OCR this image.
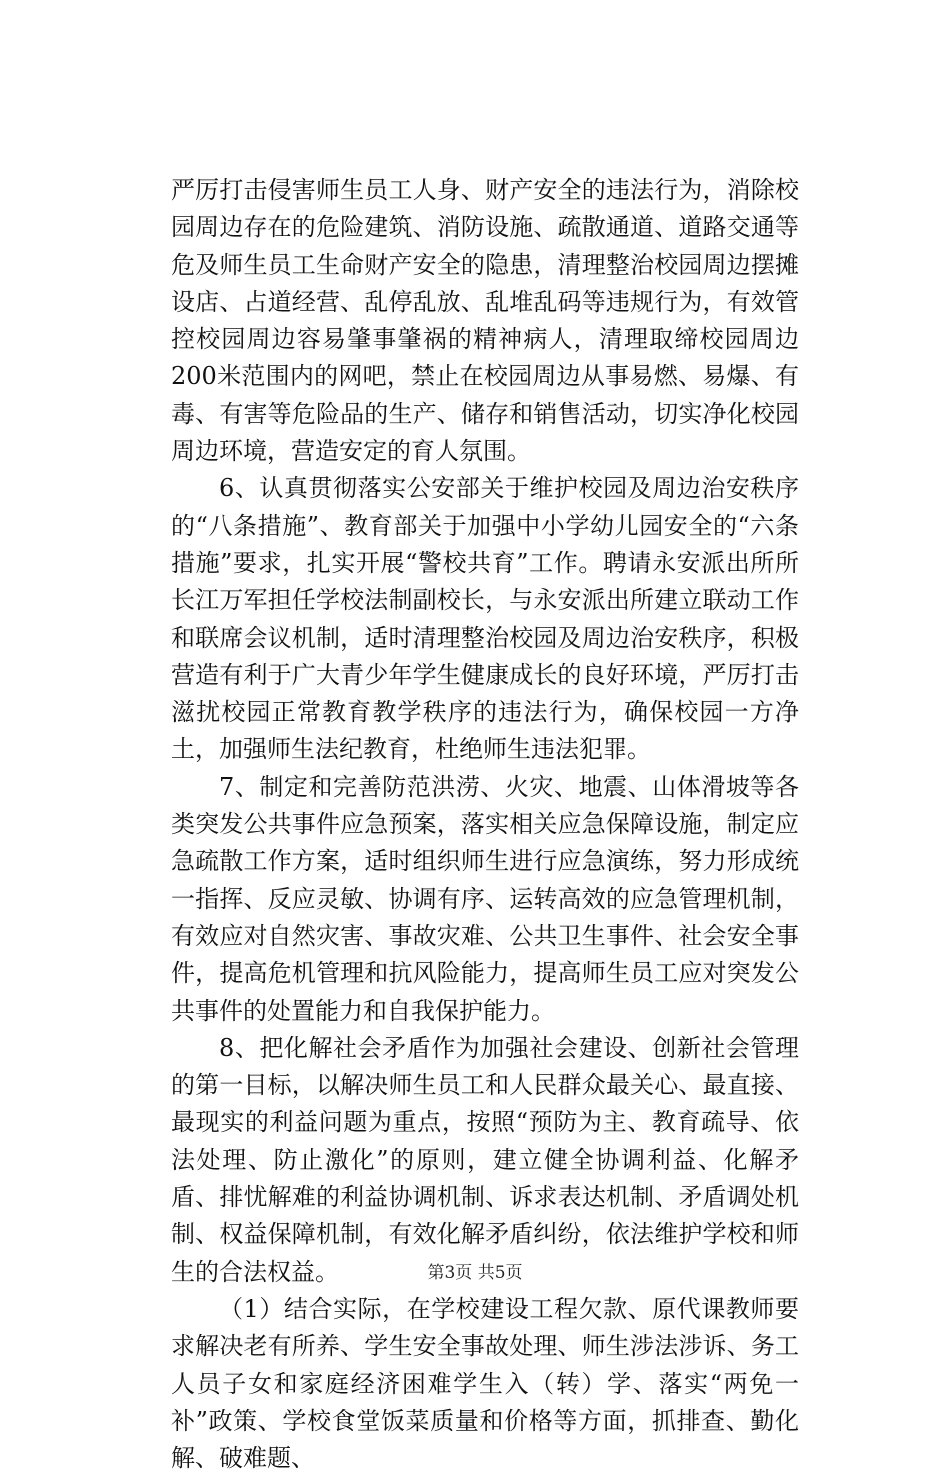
严厉打击侵害师生员工人身、财产安全的违法行为，消除校园周边存在的危险建筑、消防设施、疏散通道、道路交通等危及师生员工生命财产安全的隐患，清理整治校园周边摆摊设店、占道经营、乱停乱放、乱堆乱码等违规行为，有效管控校园周边容易肇事肇祸的精神病人，清理取缔校园周边200米范围内的网吧，禁止在校园周边从事易燃、易爆、有毒、有害等危险品的生产、储存和销售活动，切实净化校园周边环境，营造安定的育人氛围。

6、认真贯彻落实公安部关于维护校园及周边治安秩序的“八条措施”、教育部关于加强中小学幼儿园安全的“六条措施”要求，扎实开展“警校共育”工作。聘请永安派出所所长江万军担任学校法制副校长，与永安派出所建立联动工作和联席会议机制，适时清理整治校园及周边治安秩序，积极营造有利于广大青少年学生健康成长的良好环境，严厉打击滋扰校园正常教育教学秩序的违法行为，确保校园一方净土，加强师生法纪教育，杜绝师生违法犯罪。

7、制定和完善防范洪涝、火灾、地震、山体滑坡等各类突发公共事件应急预案，落实相关应急保障设施，制定应急疏散工作方案，适时组织师生进行应急演练，努力形成统一指挥、反应灵敏、协调有序、运转高效的应急管理机制，有效应对自然灾害、事故灾难、公共卫生事件、社会安全事件，提高危机管理和抗风险能力，提高师生员工应对突发公共事件的处置能力和自我保护能力。

8、把化解社会矛盾作为加强社会建设、创新社会管理的第一目标，以解决师生员工和人民群众最关心、最直接、最现实的利益问题为重点，按照“预防为主、教育疏导、依法处理、防止激化”的原则，建立健全协调利益、化解矛盾、排忧解难的利益协调机制、诉求表达机制、矛盾调处机制、权益保障机制，有效化解矛盾纠纷，依法维护学校和师生的合法权益。

（1）结合实际，在学校建设工程欠款、原代课教师要求解决老有所养、学生安全事故处理、师生涉法涉诉、务工人员子女和家庭经济困难学生入（转）学、落实“两免一补”政策、学校食堂饭菜质量和价格等方面，抓排查、勤化解、破难题、

第3页 共5页
